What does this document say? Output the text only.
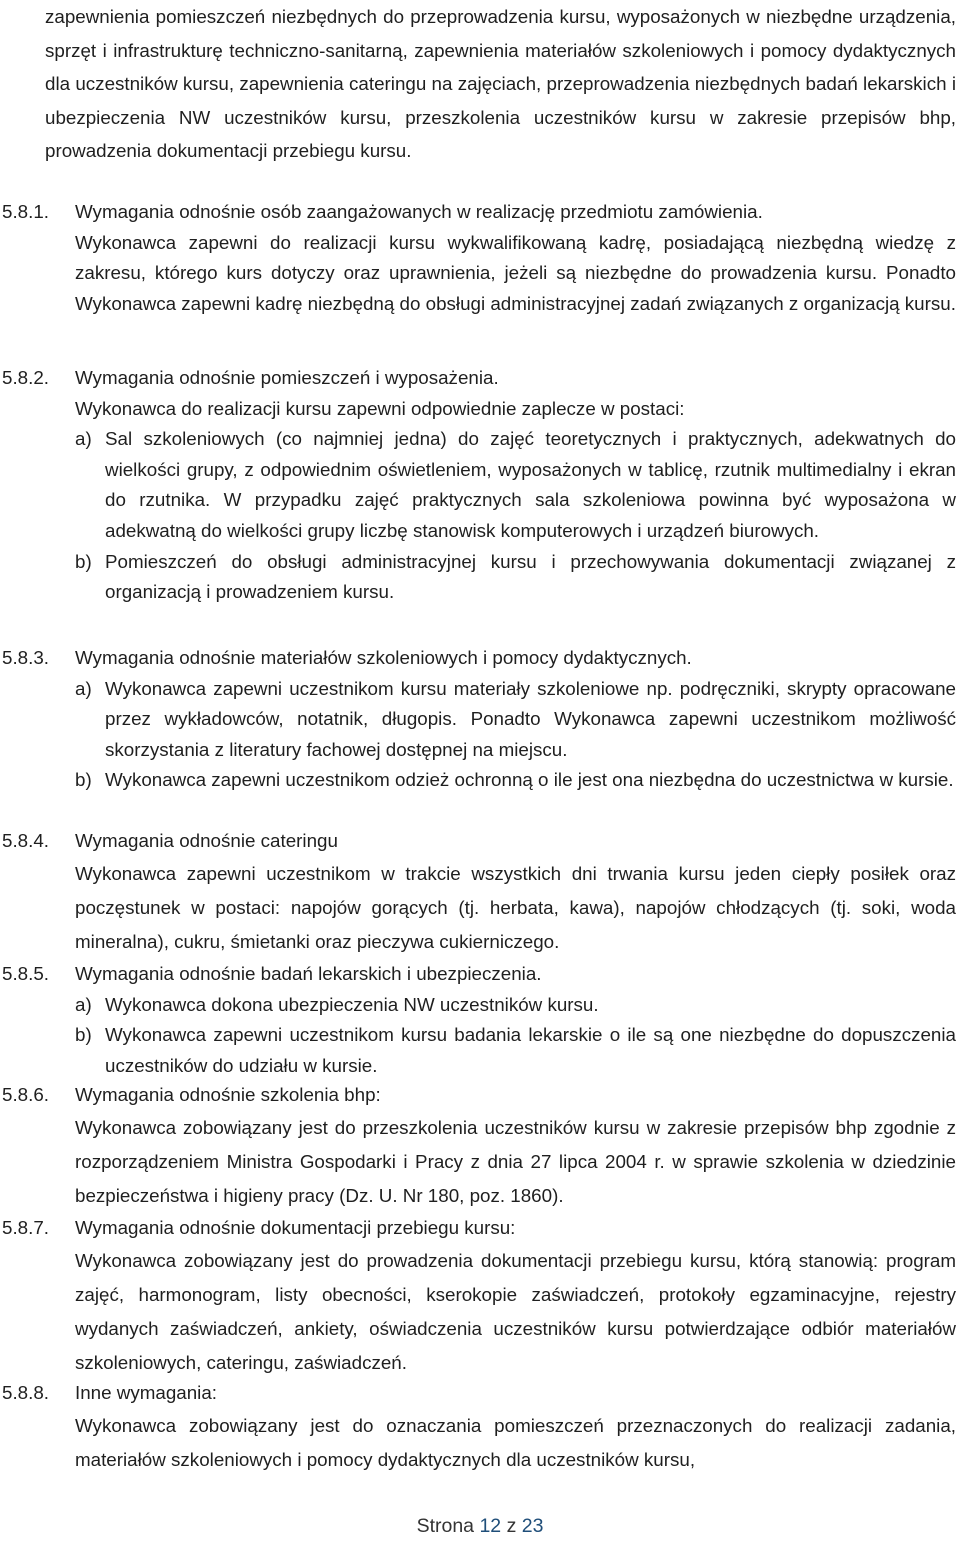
zapewnienia pomieszczeń niezbędnych do przeprowadzenia kursu, wyposażonych w niezbędne urządzenia, sprzęt i infrastrukturę techniczno-sanitarną, zapewnienia materiałów szkoleniowych i pomocy dydaktycznych dla uczestników kursu, zapewnienia cateringu na zajęciach, przeprowadzenia niezbędnych badań lekarskich i ubezpieczenia NW uczestników kursu, przeszkolenia uczestników kursu w zakresie przepisów bhp, prowadzenia dokumentacji przebiegu kursu.

5.8.1.	Wymagania odnośnie osób zaangażowanych w realizację przedmiotu zamówienia.

Wykonawca zapewni do realizacji kursu wykwalifikowaną kadrę, posiadającą niezbędną wiedzę z zakresu, którego kurs dotyczy oraz uprawnienia, jeżeli są niezbędne do prowadzenia kursu. Ponadto Wykonawca zapewni kadrę niezbędną do obsługi administracyjnej zadań związanych z organizacją kursu.

5.8.2.	Wymagania odnośnie pomieszczeń i wyposażenia.

Wykonawca do realizacji kursu zapewni odpowiednie zaplecze w postaci:

a) Sal szkoleniowych (co najmniej jedna) do zajęć teoretycznych i praktycznych, adekwatnych do wielkości grupy, z odpowiednim oświetleniem, wyposażonych w tablicę, rzutnik multimedialny i ekran do rzutnika. W przypadku zajęć praktycznych sala szkoleniowa powinna być wyposażona w adekwatną do wielkości grupy liczbę stanowisk komputerowych i urządzeń biurowych.
b) Pomieszczeń do obsługi administracyjnej kursu i przechowywania dokumentacji związanej z organizacją i prowadzeniem kursu.
5.8.3.	Wymagania odnośnie materiałów szkoleniowych i pomocy dydaktycznych.

a) Wykonawca zapewni uczestnikom kursu materiały szkoleniowe np. podręczniki, skrypty opracowane przez wykładowców, notatnik, długopis. Ponadto Wykonawca zapewni uczestnikom możliwość skorzystania z literatury fachowej dostępnej na miejscu.
b) Wykonawca zapewni uczestnikom odzież ochronną o ile jest ona niezbędna do uczestnictwa w kursie.
5.8.4.	Wymagania odnośnie cateringu

Wykonawca zapewni uczestnikom w trakcie wszystkich dni trwania kursu jeden ciepły posiłek oraz poczęstunek w postaci: napojów gorących (tj. herbata, kawa), napojów chłodzących (tj. soki, woda mineralna), cukru, śmietanki oraz pieczywa cukierniczego.

5.8.5.	Wymagania odnośnie badań lekarskich i ubezpieczenia.

a) Wykonawca dokona ubezpieczenia NW uczestników kursu.
b) Wykonawca zapewni uczestnikom kursu badania lekarskie o ile są one niezbędne do dopuszczenia uczestników do udziału w kursie.
5.8.6.	Wymagania odnośnie szkolenia bhp:

Wykonawca zobowiązany jest do przeszkolenia uczestników kursu w zakresie przepisów bhp zgodnie z rozporządzeniem Ministra Gospodarki i Pracy z dnia 27 lipca 2004 r. w sprawie szkolenia w dziedzinie bezpieczeństwa i higieny pracy (Dz. U. Nr 180, poz. 1860).

5.8.7.	Wymagania odnośnie dokumentacji przebiegu kursu:

Wykonawca zobowiązany jest do prowadzenia dokumentacji przebiegu kursu, którą stanowią: program zajęć, harmonogram, listy obecności, kserokopie zaświadczeń, protokoły egzaminacyjne, rejestry wydanych zaświadczeń, ankiety, oświadczenia uczestników kursu potwierdzające odbiór materiałów szkoleniowych, cateringu, zaświadczeń.

5.8.8.	Inne wymagania:

Wykonawca zobowiązany jest do oznaczania pomieszczeń przeznaczonych do realizacji zadania, materiałów szkoleniowych i pomocy dydaktycznych dla uczestników kursu,

Strona 12 z 23
